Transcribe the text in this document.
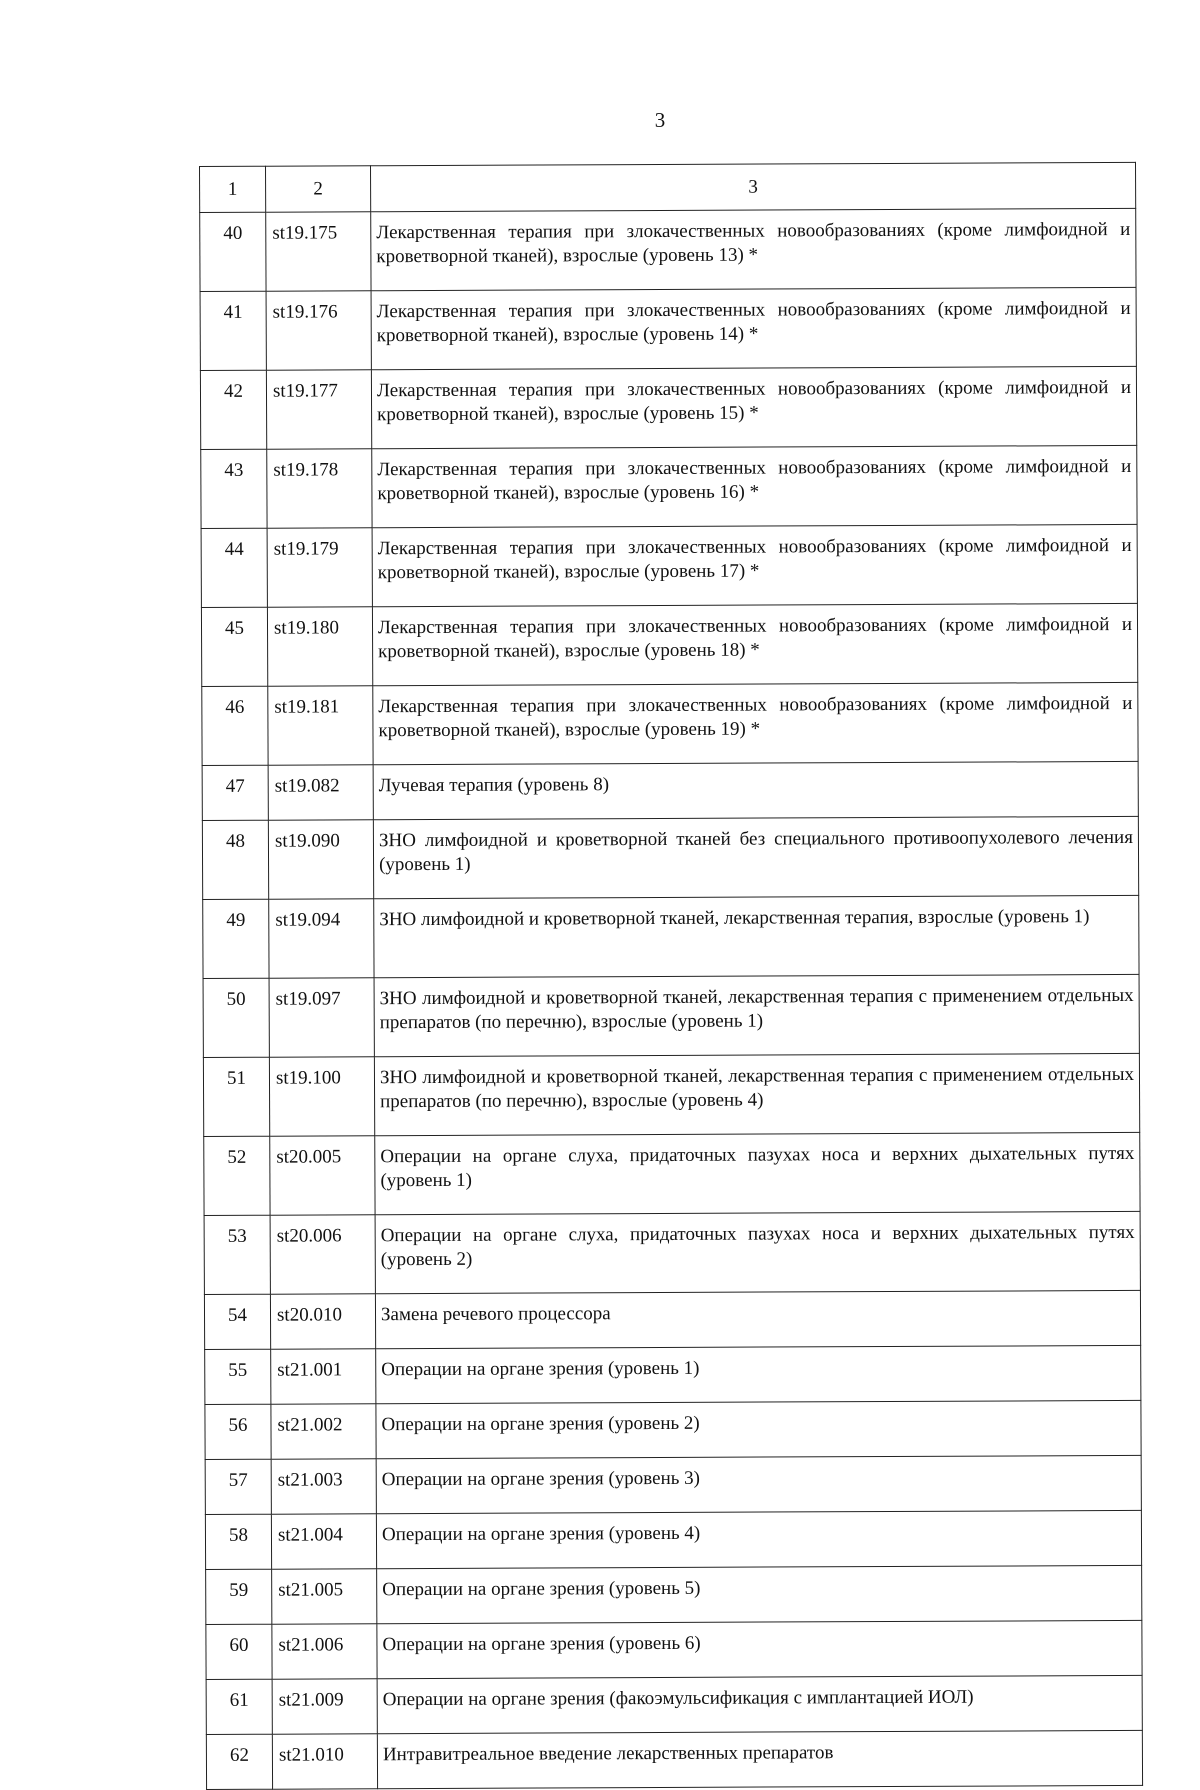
3
1	2	3
40	st19.175	Лекарственная терапия при злокачественных новообразованиях (кроме лимфоидной и кроветворной тканей), взрослые (уровень 13) *
41	st19.176	Лекарственная терапия при злокачественных новообразованиях (кроме лимфоидной и кроветворной тканей), взрослые (уровень 14) *
42	st19.177	Лекарственная терапия при злокачественных новообразованиях (кроме лимфоидной и кроветворной тканей), взрослые (уровень 15) *
43	st19.178	Лекарственная терапия при злокачественных новообразованиях (кроме лимфоидной и кроветворной тканей), взрослые (уровень 16) *
44	st19.179	Лекарственная терапия при злокачественных новообразованиях (кроме лимфоидной и кроветворной тканей), взрослые (уровень 17) *
45	st19.180	Лекарственная терапия при злокачественных новообразованиях (кроме лимфоидной и кроветворной тканей), взрослые (уровень 18) *
46	st19.181	Лекарственная терапия при злокачественных новообразованиях (кроме лимфоидной и кроветворной тканей), взрослые (уровень 19) *
47	st19.082	Лучевая терапия (уровень 8)
48	st19.090	ЗНО лимфоидной и кроветворной тканей без специального противоопухолевого лечения (уровень 1)
49	st19.094	ЗНО лимфоидной и кроветворной тканей, лекарственная терапия, взрослые (уровень 1)
50	st19.097	ЗНО лимфоидной и кроветворной тканей, лекарственная терапия с применением отдельных препаратов (по перечню), взрослые (уровень 1)
51	st19.100	ЗНО лимфоидной и кроветворной тканей, лекарственная терапия с применением отдельных препаратов (по перечню), взрослые (уровень 4)
52	st20.005	Операции на органе слуха, придаточных пазухах носа и верхних дыхательных путях (уровень 1)
53	st20.006	Операции на органе слуха, придаточных пазухах носа и верхних дыхательных путях (уровень 2)
54	st20.010	Замена речевого процессора
55	st21.001	Операции на органе зрения (уровень 1)
56	st21.002	Операции на органе зрения (уровень 2)
57	st21.003	Операции на органе зрения (уровень 3)
58	st21.004	Операции на органе зрения (уровень 4)
59	st21.005	Операции на органе зрения (уровень 5)
60	st21.006	Операции на органе зрения (уровень 6)
61	st21.009	Операции на органе зрения (факоэмульсификация с имплантацией ИОЛ)
62	st21.010	Интравитреальное введение лекарственных препаратов
